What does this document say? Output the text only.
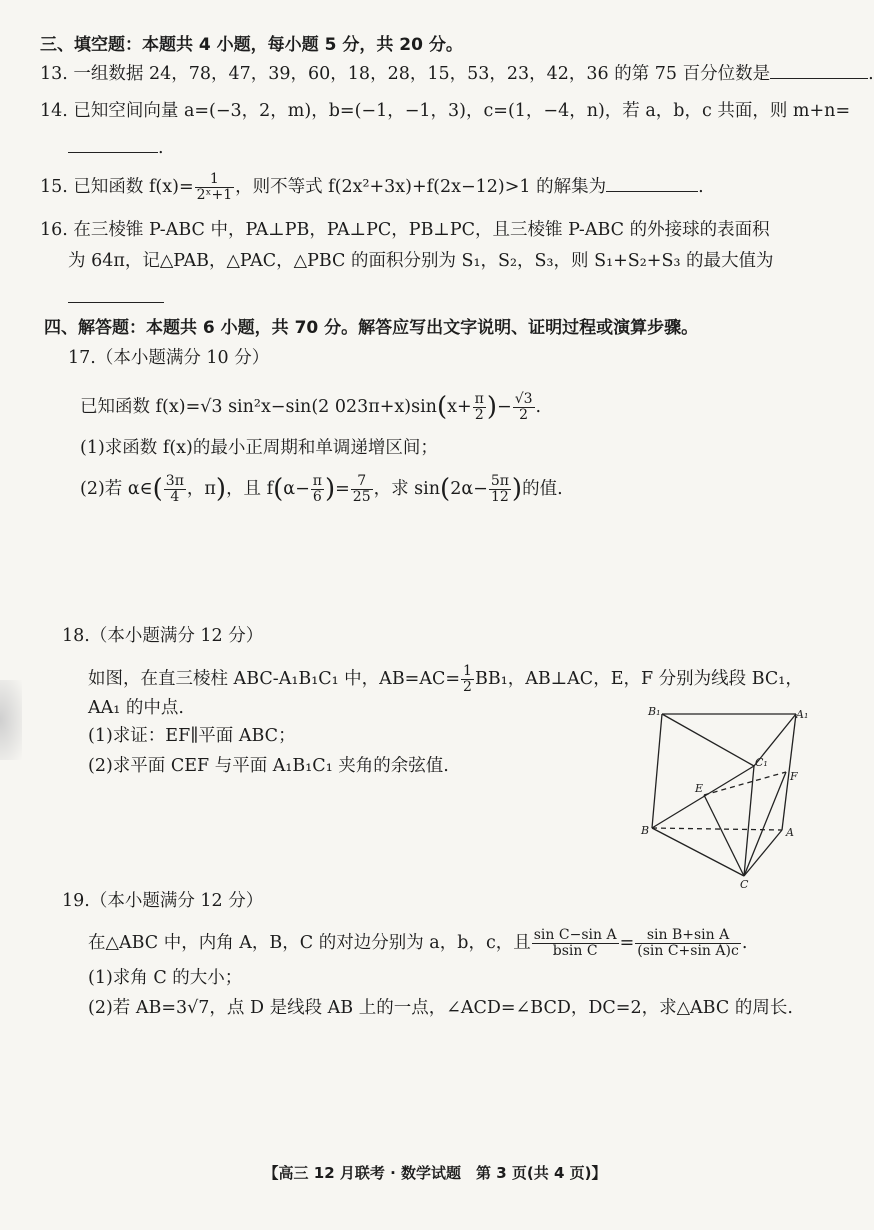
三、填空题：本题共 4 小题，每小题 5 分，共 20 分。
13. 一组数据 24，78，47，39，60，18，28，15，53，23，42，36 的第 75 百分位数是	.
14. 已知空间向量 a=(−3，2，m)，b=(−1，−1，3)，c=(1，−4，n)，若 a，b，c 共面，则 m+n=
.
15. 已知函数 $f(x)= \frac{1}{\text{2ˣ+1}}$ ，则不等式 f(2x²+3x)+f(2x−12)>1 的解集为	.
16. 在三棱锥 P-ABC 中，PA⊥PB，PA⊥PC，PB⊥PC，且三棱锥 P-ABC 的外接球的表面积
为 64π，记△PAB，△PAC，△PBC 的面积分别为 S₁，S₂，S₃，则 S₁+S₂+S₃ 的最大值为
四、解答题：本题共 6 小题，共 70 分。解答应写出文字说明、证明过程或演算步骤。
17.（本小题满分 10 分）
已知函数 f(x)=√3 sin²x−sin(2 $023\pi+x)\sin(x+ \frac{\pi}{2}$ )− $\frac{√3}{2}$ .
(1)求函数 f(x)的最小正周期和单调递增区间；
(2)若 α∈( $\frac{3\pi}{4}$ ，π)，且 $f(\alpha- \frac{\pi}{6}$ )= $\frac{7}{25}$ ，求 $\sin(2\alpha- \frac{5\pi}{12}$ )的值.
18.（本小题满分 12 分）
如图，在直三棱柱 ABC-A₁B₁C₁ 中，$AB=AC= \frac{1}{2} BB_1$，AB⊥AC，E，F 分别为线段 BC₁，
AA₁ 的中点.
(1)求证：EF∥平面 ABC；
(2)求平面 CEF 与平面 A₁B₁C₁ 夹角的余弦值.
B₁	A₁
C₁
E
F
B	A
C
19.（本小题满分 12 分）
在△ABC 中，内角 A，B，C 的对边分别为 a，b，c，且 $\frac{\text{sin C−sin A}}{\text{bsin C}} = \frac{\text{sin B+sin A}}{\text{(sin C+sin A)c}}$ .
(1)求角 C 的大小；
(2)若 AB=3√7，点 D 是线段 AB 上的一点，∠ACD=∠BCD，DC=2，求△ABC 的周长.
【高三 12 月联考 · 数学试题　第 3 页(共 4 页)】
